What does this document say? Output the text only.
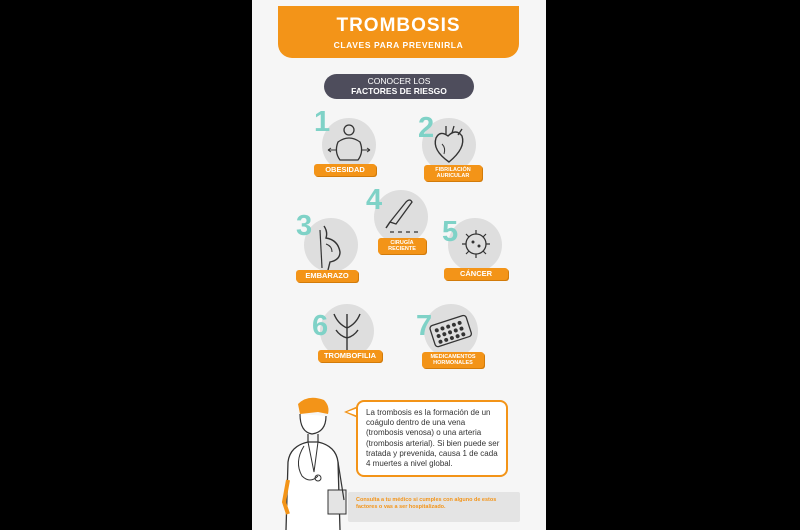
TROMBOSIS
CLAVES PARA PREVENIRLA
CONOCER LOS
FACTORES DE RIESGO
1
OBESIDAD
2
FIBRILACIÓN
AURICULAR
4
CIRUGÍA
RECIENTE
3
EMBARAZO
5
CÁNCER
6
TROMBOFILIA
7
MEDICAMENTOS
HORMONALES
La trombosis es la formación de un coágulo dentro de una vena (trombosis venosa) o una arteria (trombosis arterial). Si bien puede ser tratada y prevenida, causa 1 de cada 4 muertes a nivel global.
Consulta a tu médico si cumples con alguno de estos factores o vas a ser hospitalizado.
